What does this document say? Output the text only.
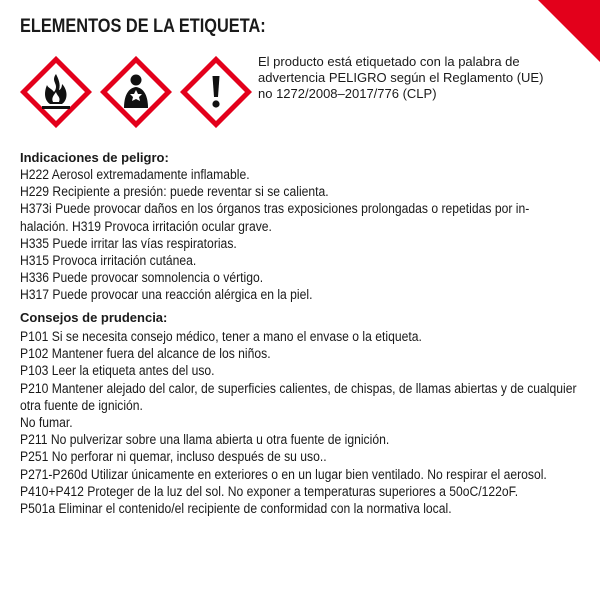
ELEMENTOS DE LA ETIQUETA:
El producto está etiquetado con la palabra de advertencia PELIGRO según el Reglamento (UE) no 1272/2008–2017/776 (CLP)
Indicaciones de peligro:
H222 Aerosol extremadamente inflamable.
H229 Recipiente a presión: puede reventar si se calienta.
H373i Puede provocar daños en los órganos tras exposiciones prolongadas o repetidas por in-
halación. H319 Provoca irritación ocular grave.
H335 Puede irritar las vías respiratorias.
H315 Provoca irritación cutánea.
H336 Puede provocar somnolencia o vértigo.
H317 Puede provocar una reacción alérgica en la piel.
Consejos de prudencia:
P101 Si se necesita consejo médico, tener a mano el envase o la etiqueta.
P102 Mantener fuera del alcance de los niños.
P103 Leer la etiqueta antes del uso.
P210 Mantener alejado del calor, de superficies calientes, de chispas, de llamas abiertas y de cualquier
otra fuente de ignición.
No fumar.
P211 No pulverizar sobre una llama abierta u otra fuente de ignición.
P251 No perforar ni quemar, incluso después de su uso..
P271-P260d Utilizar únicamente en exteriores o en un lugar bien ventilado. No respirar el aerosol.
P410+P412 Proteger de la luz del sol. No exponer a temperaturas superiores a 50oC/122oF.
P501a Eliminar el contenido/el recipiente de conformidad con la normativa local.
